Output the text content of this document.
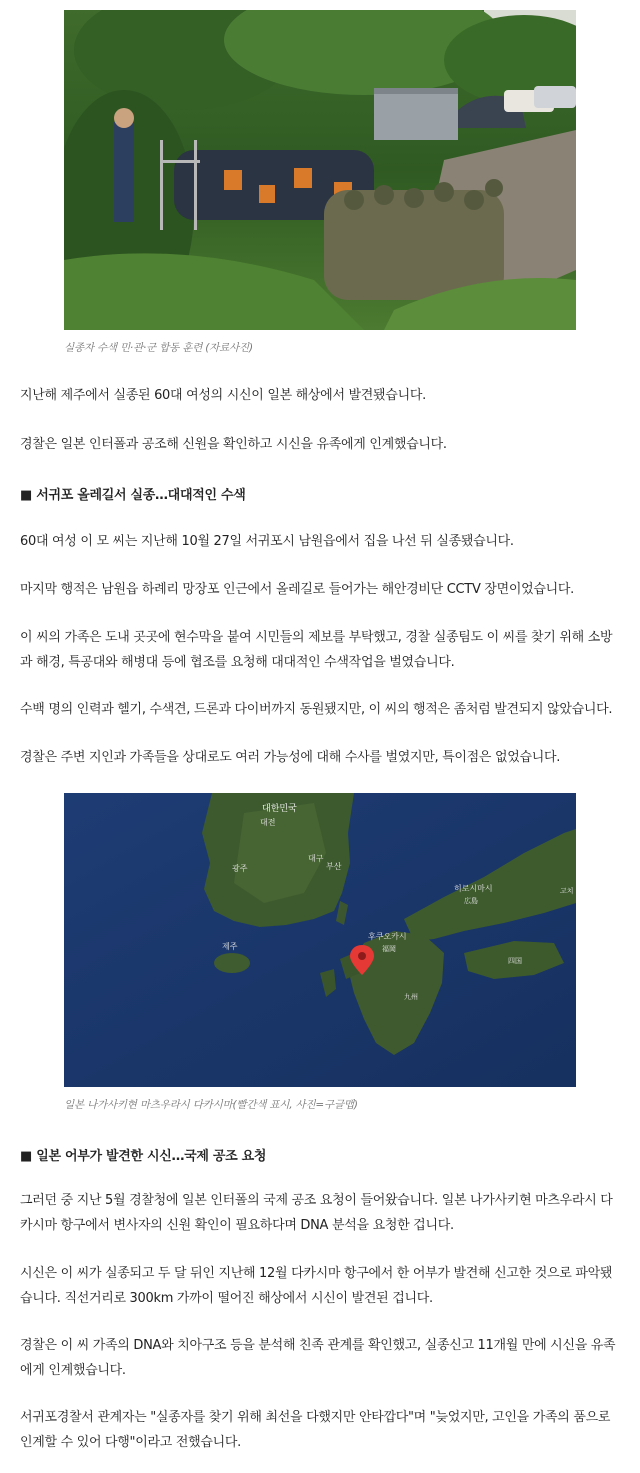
실종자 수색 민·관·군 합동 훈련 (자료사진)

지난해 제주에서 실종된 60대 여성의 시신이 일본 해상에서 발견됐습니다.

경찰은 일본 인터폴과 공조해 신원을 확인하고 시신을 유족에게 인계했습니다.

■ 서귀포 올레길서 실종…대대적인 수색

60대 여성 이 모 씨는 지난해 10월 27일 서귀포시 남원읍에서 집을 나선 뒤 실종됐습니다.

마지막 행적은 남원읍 하례리 망장포 인근에서 올레길로 들어가는 해안경비단 CCTV 장면이었습니다.

이 씨의 가족은 도내 곳곳에 현수막을 붙여 시민들의 제보를 부탁했고, 경찰 실종팀도 이 씨를 찾기 위해 소방과 해경, 특공대와 해병대 등에 협조를 요청해 대대적인 수색작업을 벌였습니다.

수백 명의 인력과 헬기, 수색견, 드론과 다이버까지 동원됐지만, 이 씨의 행적은 좀처럼 발견되지 않았습니다.

경찰은 주변 지인과 가족들을 상대로도 여러 가능성에 대해 수사를 벌였지만, 특이점은 없었습니다.

대한민국
대전
광주
대구
부산
제주
히로시마시
広島
후쿠오카시
福岡
九州
四国
고치
일본 나가사키현 마츠우라시 다카시마(빨간색 표시, 사진=구글맵)

■ 일본 어부가 발견한 시신…국제 공조 요청

그러던 중 지난 5월 경찰청에 일본 인터폴의 국제 공조 요청이 들어왔습니다. 일본 나가사키현 마츠우라시 다카시마 항구에서 변사자의 신원 확인이 필요하다며 DNA 분석을 요청한 겁니다.

시신은 이 씨가 실종되고 두 달 뒤인 지난해 12월 다카시마 항구에서 한 어부가 발견해 신고한 것으로 파악됐습니다. 직선거리로 300km 가까이 떨어진 해상에서 시신이 발견된 겁니다.

경찰은 이 씨 가족의 DNA와 치아구조 등을 분석해 친족 관계를 확인했고, 실종신고 11개월 만에 시신을 유족에게 인계했습니다.

서귀포경찰서 관계자는 "실종자를 찾기 위해 최선을 다했지만 안타깝다"며 "늦었지만, 고인을 가족의 품으로 인계할 수 있어 다행"이라고 전했습니다.
